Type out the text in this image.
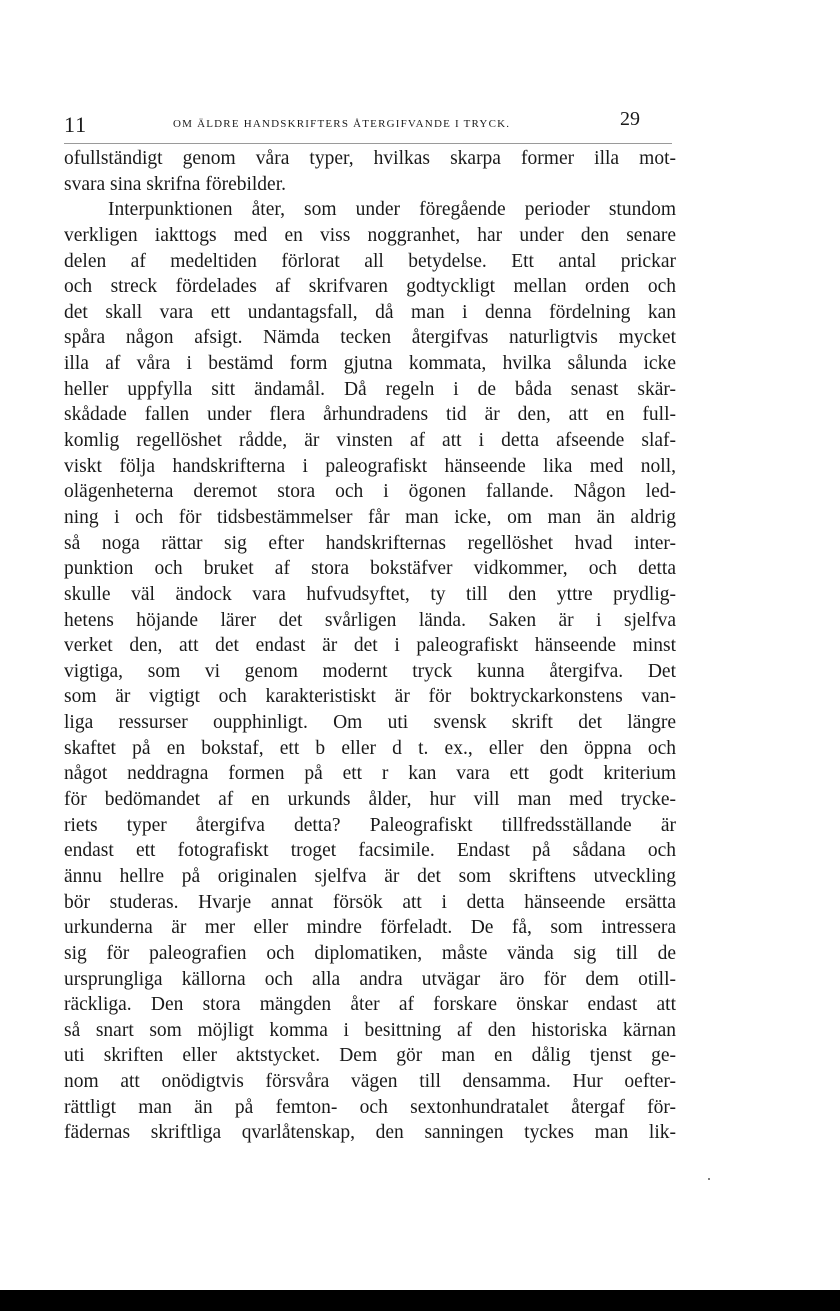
11	OM ÄLDRE HANDSKRIFTERS ÅTERGIFVANDE I TRYCK.	29
ofullständigt genom våra typer, hvilkas skarpa former illa mot-
svara sina skrifna förebilder.
Interpunktionen åter, som under föregående perioder stundom
verkligen iakttogs med en viss noggranhet, har under den senare
delen af medeltiden förlorat all betydelse. Ett antal prickar
och streck fördelades af skrifvaren godtyckligt mellan orden och
det skall vara ett undantagsfall, då man i denna fördelning kan
spåra någon afsigt. Nämda tecken återgifvas naturligtvis mycket
illa af våra i bestämd form gjutna kommata, hvilka sålunda icke
heller uppfylla sitt ändamål. Då regeln i de båda senast skär-
skådade fallen under flera århundradens tid är den, att en full-
komlig regellöshet rådde, är vinsten af att i detta afseende slaf-
viskt följa handskrifterna i paleografiskt hänseende lika med noll,
olägenheterna deremot stora och i ögonen fallande. Någon led-
ning i och för tidsbestämmelser får man icke, om man än aldrig
så noga rättar sig efter handskrifternas regellöshet hvad inter-
punktion och bruket af stora bokstäfver vidkommer, och detta
skulle väl ändock vara hufvudsyftet, ty till den yttre prydlig-
hetens höjande lärer det svårligen lända. Saken är i sjelfva
verket den, att det endast är det i paleografiskt hänseende minst
vigtiga, som vi genom modernt tryck kunna återgifva. Det
som är vigtigt och karakteristiskt är för boktryckarkonstens van-
liga ressurser oupphinligt. Om uti svensk skrift det längre
skaftet på en bokstaf, ett b eller d t. ex., eller den öppna och
något neddragna formen på ett r kan vara ett godt kriterium
för bedömandet af en urkunds ålder, hur vill man med trycke-
riets typer återgifva detta? Paleografiskt tillfredsställande är
endast ett fotografiskt troget facsimile. Endast på sådana och
ännu hellre på originalen sjelfva är det som skriftens utveckling
bör studeras. Hvarje annat försök att i detta hänseende ersätta
urkunderna är mer eller mindre förfeladt. De få, som intressera
sig för paleografien och diplomatiken, måste vända sig till de
ursprungliga källorna och alla andra utvägar äro för dem otill-
räckliga. Den stora mängden åter af forskare önskar endast att
så snart som möjligt komma i besittning af den historiska kärnan
uti skriften eller aktstycket. Dem gör man en dålig tjenst ge-
nom att onödigtvis försvåra vägen till densamma. Hur oefter-
rättligt man än på femton- och sextonhundratalet återgaf för-
fädernas skriftliga qvarlåtenskap, den sanningen tyckes man lik-
